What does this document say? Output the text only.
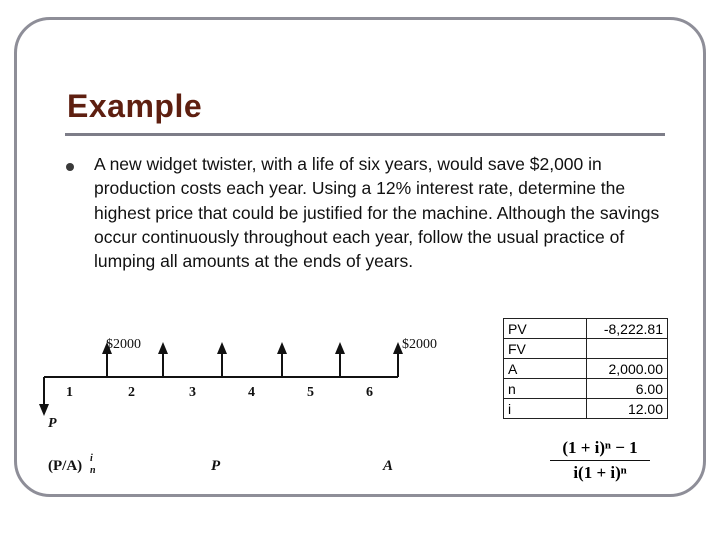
Example
A new widget twister, with a life of six years, would save $2,000 in production costs each year. Using a 12% interest rate, determine the highest price that could be justified for the machine. Although the savings occur continuously throughout each year, follow the usual practice of lumping all amounts at the ends of years.
$2000	$2000
1	2	3	4	5	6
P
(P/A) i
n	P	A
PV	-8,222.81
FV	
A	2,000.00
n	6.00
i	12.00
$\frac{\text{(1 + i)ⁿ − 1}}{\text{i(1 + i)ⁿ}}$
